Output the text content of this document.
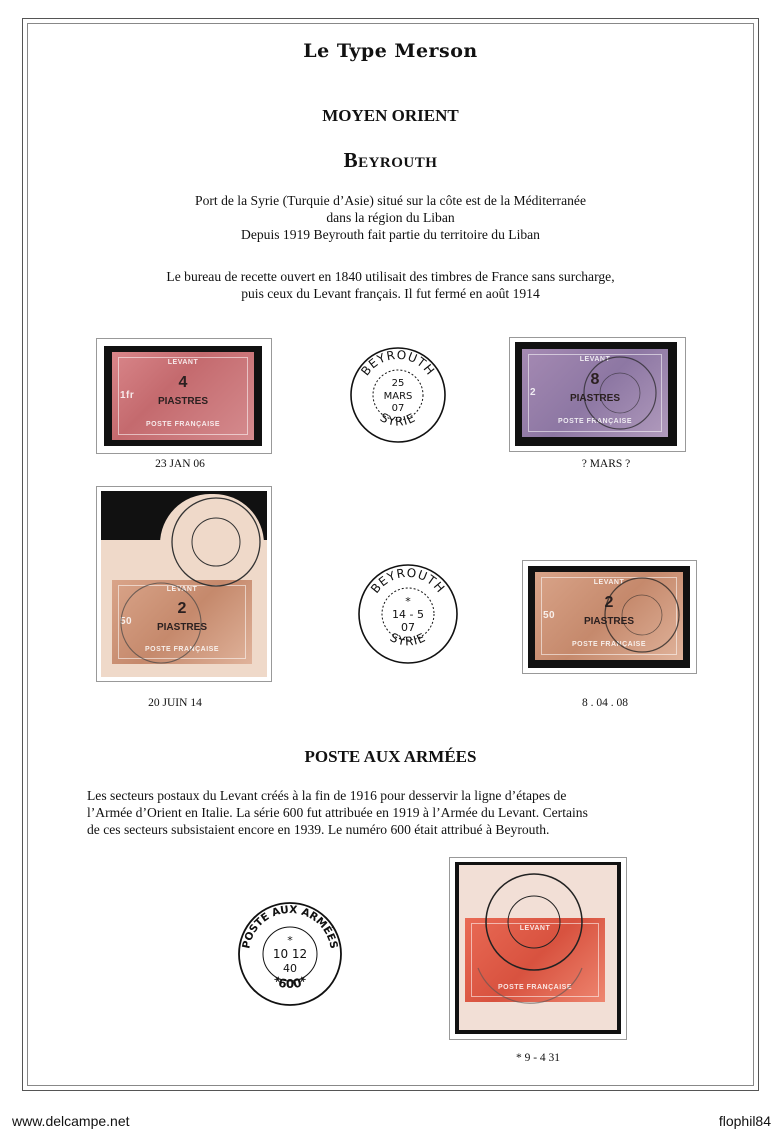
Le Type Merson
MOYEN ORIENT
Beyrouth
Port de la Syrie (Turquie d’Asie) situé sur la côte est de la Méditerranée
dans la région du Liban
Depuis 1919 Beyrouth fait partie du territoire du Liban
Le bureau de recette ouvert en 1840 utilisait des timbres de France sans surcharge,
puis ceux du Levant français. Il fut fermé en août 1914
LEVANT
4
PIASTRES
1fr
POSTE FRANÇAISE
23 JAN 06
BEYROUTH
SYRIE
25
MARS
07
LEVANT
8
PIASTRES
2
POSTE FRANÇAISE
? MARS ?
LEVANT
2
PIASTRES
50
POSTE FRANÇAISE
20 JUIN 14
BEYROUTH
SYRIE
*
14 - 5
07
LEVANT
2
PIASTRES
50
POSTE FRANÇAISE
8 . 04 . 08
POSTE AUX ARMÉES
Les secteurs postaux du Levant créés à la fin de 1916 pour desservir la ligne d’étapes de
l’Armée d’Orient en Italie. La série 600 fut attribuée en 1919 à l’Armée du Levant. Certains
de ces secteurs subsistaient encore en 1939. Le numéro 600 était attribué à Beyrouth.
POSTE AUX ARMÉES
*600*
*
10 12
40
LEVANT
POSTE FRANÇAISE
* 9 - 4 31
www.delcampe.net	flophil84
